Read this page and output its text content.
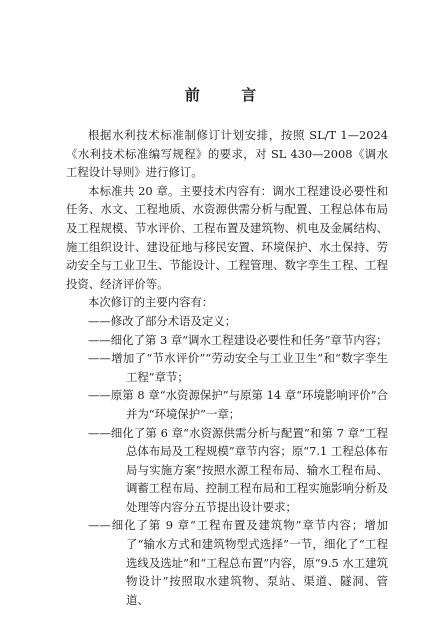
前 言

根据水利技术标准制修订计划安排，按照 SL/T 1—2024《水利技术标准编写规程》的要求，对 SL 430—2008《调水工程设计导则》进行修订。

本标准共 20 章。主要技术内容有：调水工程建设必要性和任务、水文、工程地质、水资源供需分析与配置、工程总体布局及工程规模、节水评价、工程布置及建筑物、机电及金属结构、施工组织设计、建设征地与移民安置、环境保护、水土保持、劳动安全与工业卫生、节能设计、工程管理、数字孪生工程、工程投资、经济评价等。

本次修订的主要内容有：

——修改了部分术语及定义；

——细化了第 3 章“调水工程建设必要性和任务”章节内容；

——增加了“节水评价”“劳动安全与工业卫生”和“数字孪生工程”章节；

——原第 8 章“水资源保护”与原第 14 章“环境影响评价”合并为“环境保护”一章；

——细化了第 6 章“水资源供需分析与配置”和第 7 章“工程总体布局及工程规模”章节内容；原“7.1 工程总体布局与实施方案”按照水源工程布局、输水工程布局、调蓄工程布局、控制工程布局和工程实施影响分析及处理等内容分五节提出设计要求；

——细化了第 9 章“工程布置及建筑物”章节内容；增加了“输水方式和建筑物型式选择”一节，细化了“工程选线及选址”和“工程总布置”内容，原“9.5 水工建筑物设计”按照取水建筑物、泵站、渠道、隧洞、管道、
